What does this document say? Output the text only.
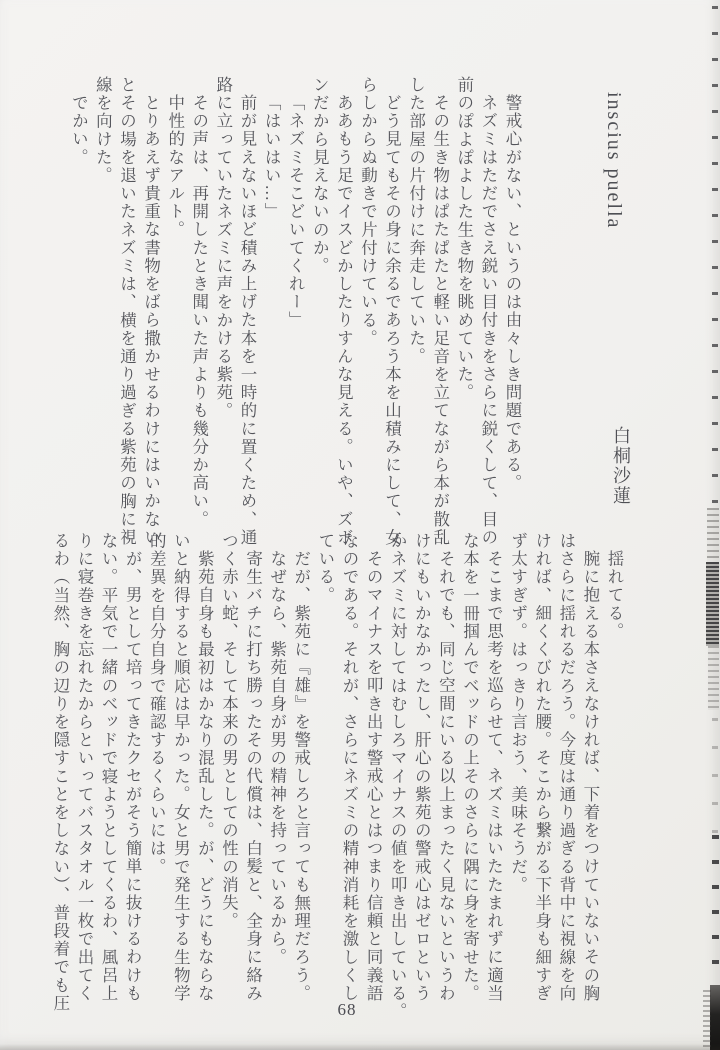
inscius puella
白桐沙蓮

警戒心がない、というのは由々しき問題である。

ネズミはただでさえ鋭い目付きをさらに鋭くして、目の

前のぽよぽよした生き物を眺めていた。

その生き物はぱたぱたと軽い足音を立てながら本が散乱

した部屋の片付けに奔走していた。

どう見てもその身に余るであろう本を山積みにして、女

らしからぬ動きで片付けている。

ああもう足でイスどかしたりすんな見える。いや、ズボ

ンだから見えないのか。

「ネズミそこどいてくれー」

「はいはい…」

前が見えないほど積み上げた本を一時的に置くため、通

路に立っていたネズミに声をかける紫苑。

その声は、再開したとき聞いた声よりも幾分か高い。

中性的なアルト。

とりあえず貴重な書物をばら撒かせるわけにはいかない

とその場を退いたネズミは、横を通り過ぎる紫苑の胸に視

線を向けた。

でかい。

揺れてる。

腕に抱える本さえなければ、下着をつけていないその胸

はさらに揺れるだろう。今度は通り過ぎる背中に視線を向

ければ、細くくびれた腰。そこから繋がる下半身も細すぎ

ず太すぎず。はっきり言おう、美味そうだ。

そこまで思考を巡らせて、ネズミはいたたまれずに適当

な本を一冊掴んでベッドの上そのさらに隅に身を寄せた。

それでも、同じ空間にいる以上まったく見ないというわ

けにもいかなかったし、肝心の紫苑の警戒心はゼロという

かネズミに対してはむしろマイナスの値を叩き出している。

そのマイナスを叩き出す警戒心とはつまり信頼と同義語

なのである。それが、さらにネズミの精神消耗を激しくし

ている。

だが、紫苑に『雄』を警戒しろと言っても無理だろう。

なぜなら、紫苑自身が男の精神を持っているから。

寄生バチに打ち勝ったその代償は、白髪と、全身に絡み

つく赤い蛇、そして本来の男としての性の消失。

紫苑自身も最初はかなり混乱した。が、どうにもならな

いと納得すると順応は早かった。女と男で発生する生物学

的差異を自分自身で確認するくらいには。

が、男として培ってきたクセがそう簡単に抜けるわけも

ない。平気で一緒のベッドで寝ようとしてくるわ、風呂上

りに寝巻きを忘れたからといってバスタオル一枚で出てく

るわ（当然、胸の辺りを隠すことをしない）、普段着でも圧	68
